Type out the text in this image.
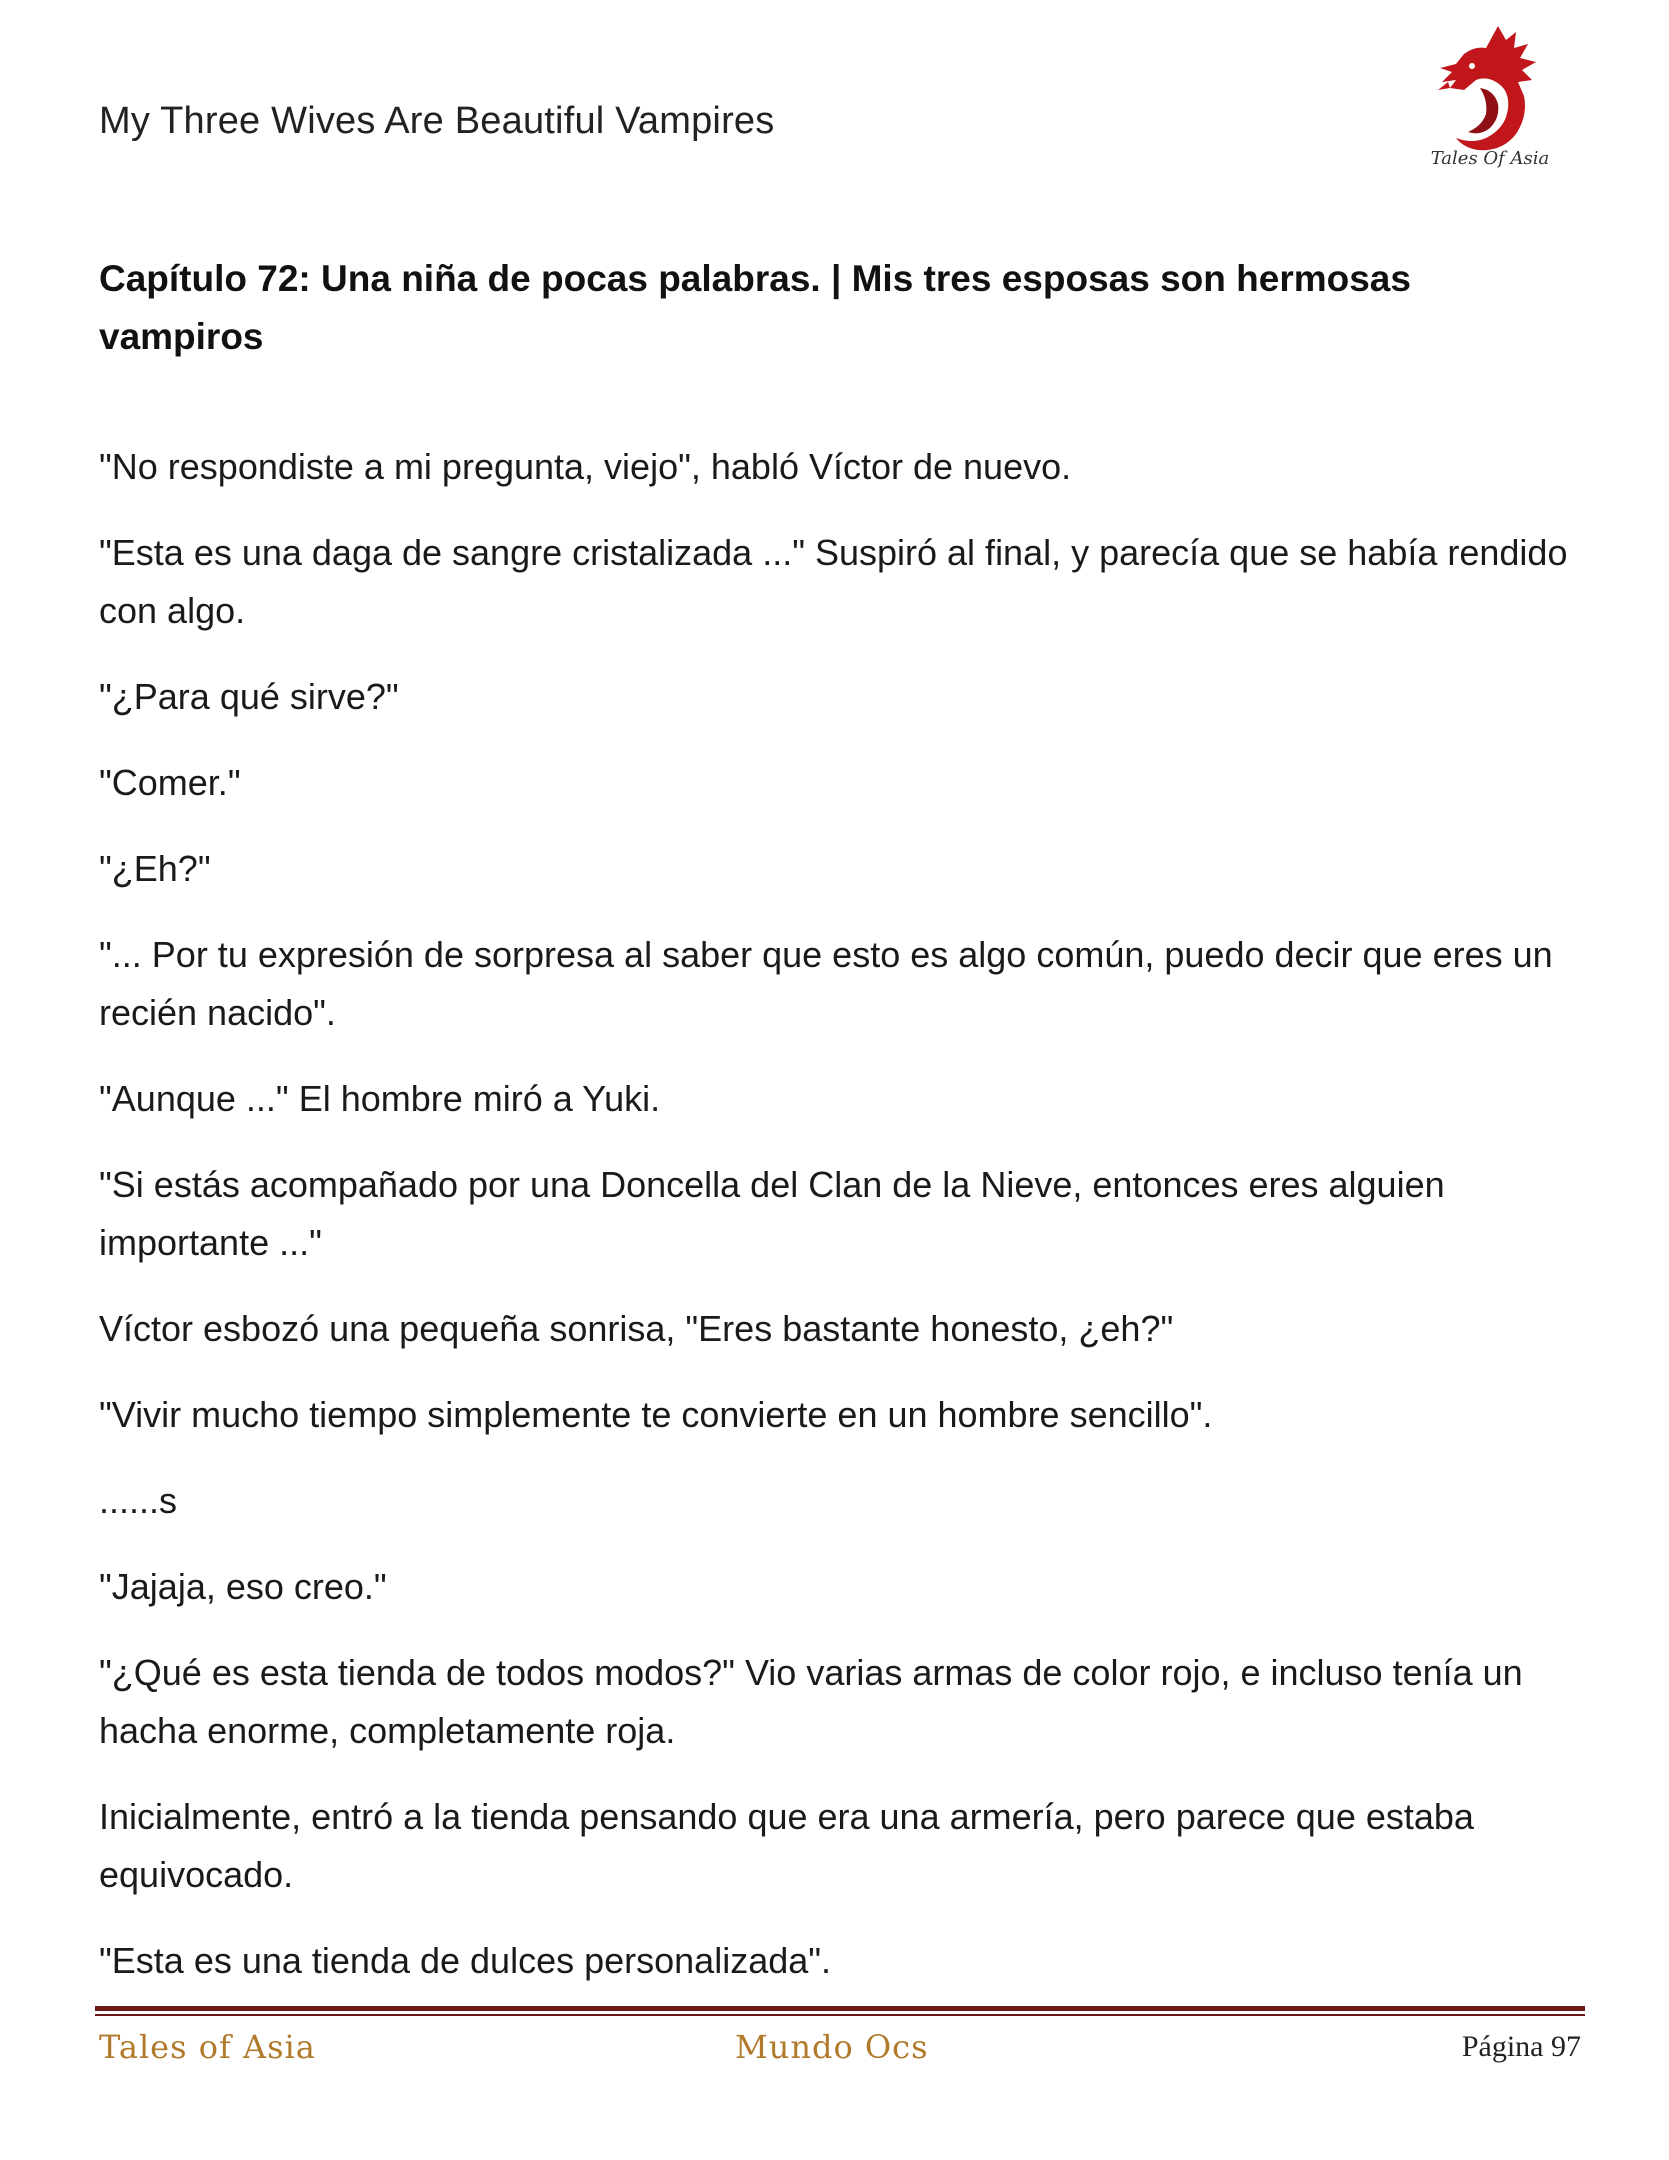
My Three Wives Are Beautiful Vampires
Tales Of Asia
Capítulo 72: Una niña de pocas palabras. | Mis tres esposas son hermosas vampiros

"No respondiste a mi pregunta, viejo", habló Víctor de nuevo.

"Esta es una daga de sangre cristalizada ..." Suspiró al final, y parecía que se había rendido con algo.

"¿Para qué sirve?"

"Comer."

"¿Eh?"

"... Por tu expresión de sorpresa al saber que esto es algo común, puedo decir que eres un recién nacido".

"Aunque ..." El hombre miró a Yuki.

"Si estás acompañado por una Doncella del Clan de la Nieve, entonces eres alguien importante ..."

Víctor esbozó una pequeña sonrisa, "Eres bastante honesto, ¿eh?"

"Vivir mucho tiempo simplemente te convierte en un hombre sencillo".

......s

"Jajaja, eso creo."

"¿Qué es esta tienda de todos modos?" Vio varias armas de color rojo, e incluso tenía un hacha enorme, completamente roja.

Inicialmente, entró a la tienda pensando que era una armería, pero parece que estaba equivocado.

"Esta es una tienda de dulces personalizada".

Tales of Asia	Mundo Ocs	Página 97
